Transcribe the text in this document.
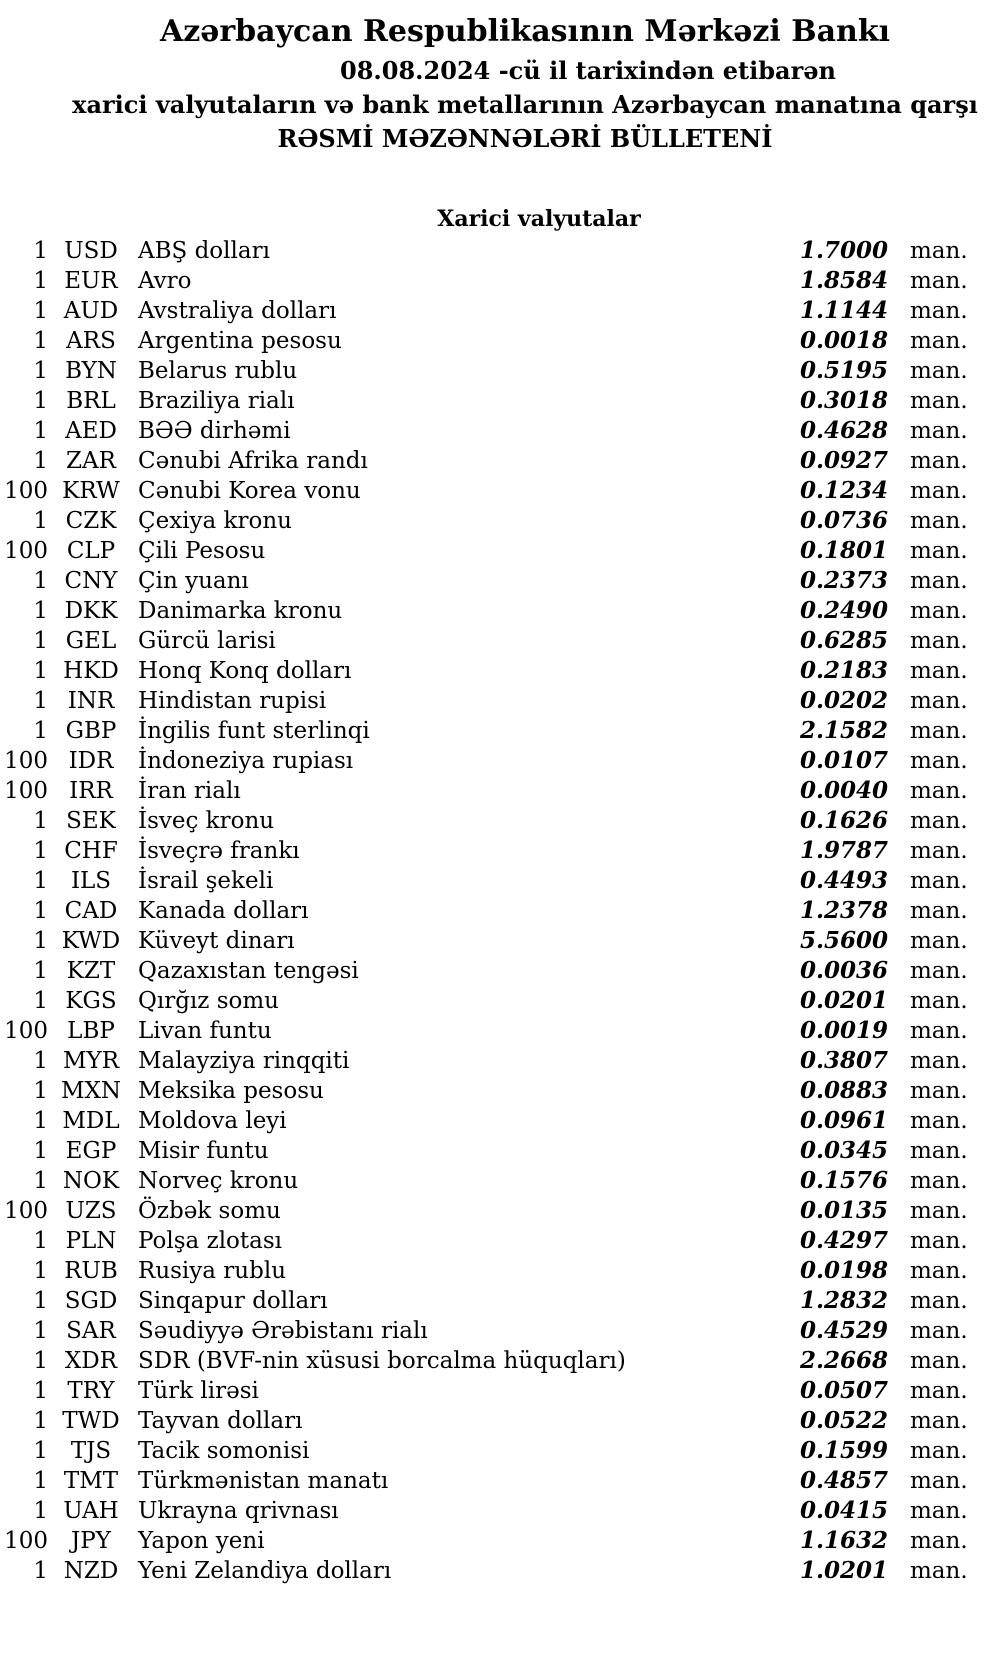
Azərbaycan Respublikasının Mərkəzi Bankı
08.08.2024 -cü il tarixindən etibarən
xarici valyutaların və bank metallarının Azərbaycan manatına qarşı
RƏSMİ MƏZƏNNƏLƏRİ BÜLLETENİ
Xarici valyutalar
1 USD ABŞ dolları	1.7000 man.
1 EUR Avro	1.8584 man.
1 AUD Avstraliya dolları	1.1144 man.
1 ARS Argentina pesosu	0.0018 man.
1 BYN Belarus rublu	0.5195 man.
1 BRL Braziliya rialı	0.3018 man.
1 AED BƏƏ dirhəmi	0.4628 man.
1 ZAR Cənubi Afrika randı	0.0927 man.
100 KRW Cənubi Korea vonu	0.1234 man.
1 CZK Çexiya kronu	0.0736 man.
100 CLP Çili Pesosu	0.1801 man.
1 CNY Çin yuanı	0.2373 man.
1 DKK Danimarka kronu	0.2490 man.
1 GEL Gürcü larisi	0.6285 man.
1 HKD Honq Konq dolları	0.2183 man.
1 INR	Hindistan rupisi	0.0202 man.
1 GBP İngilis funt sterlinqi	2.1582 man.
100 IDR	İndoneziya rupiası	0.0107 man.
100 IRR	İran rialı	0.0040 man.
1 SEK İsveç kronu	0.1626 man.
1 CHF İsveçrə frankı	1.9787 man.
1 ILS	İsrail şekeli	0.4493 man.
1 CAD Kanada dolları	1.2378 man.
1 KWD Küveyt dinarı	5.5600 man.
1 KZT Qazaxıstan tengəsi	0.0036 man.
1 KGS Qırğız somu	0.0201 man.
100 LBP	Livan funtu	0.0019 man.
1 MYR Malayziya rinqqiti	0.3807 man.
1 MXN Meksika pesosu	0.0883 man.
1 MDL Moldova leyi	0.0961 man.
1 EGP Misir funtu	0.0345 man.
1 NOK Norveç kronu	0.1576 man.
100 UZS Özbək somu	0.0135 man.
1 PLN Polşa zlotası	0.4297 man.
1 RUB Rusiya rublu	0.0198 man.
1 SGD Sinqapur dolları	1.2832 man.
1 SAR Səudiyyə Ərəbistanı rialı	0.4529 man.
1 XDR SDR (BVF-nin xüsusi borcalma hüquqları)	2.2668 man.
1 TRY	Türk lirəsi	0.0507 man.
1 TWD Tayvan dolları	0.0522 man.
1 TJS	Tacik somonisi	0.1599 man.
1 TMT Türkmənistan manatı	0.4857 man.
1 UAH Ukrayna qrivnası	0.0415 man.
100	JPY	Yapon yeni	1.1632 man.
1 NZD Yeni Zelandiya dolları	1.0201 man.
